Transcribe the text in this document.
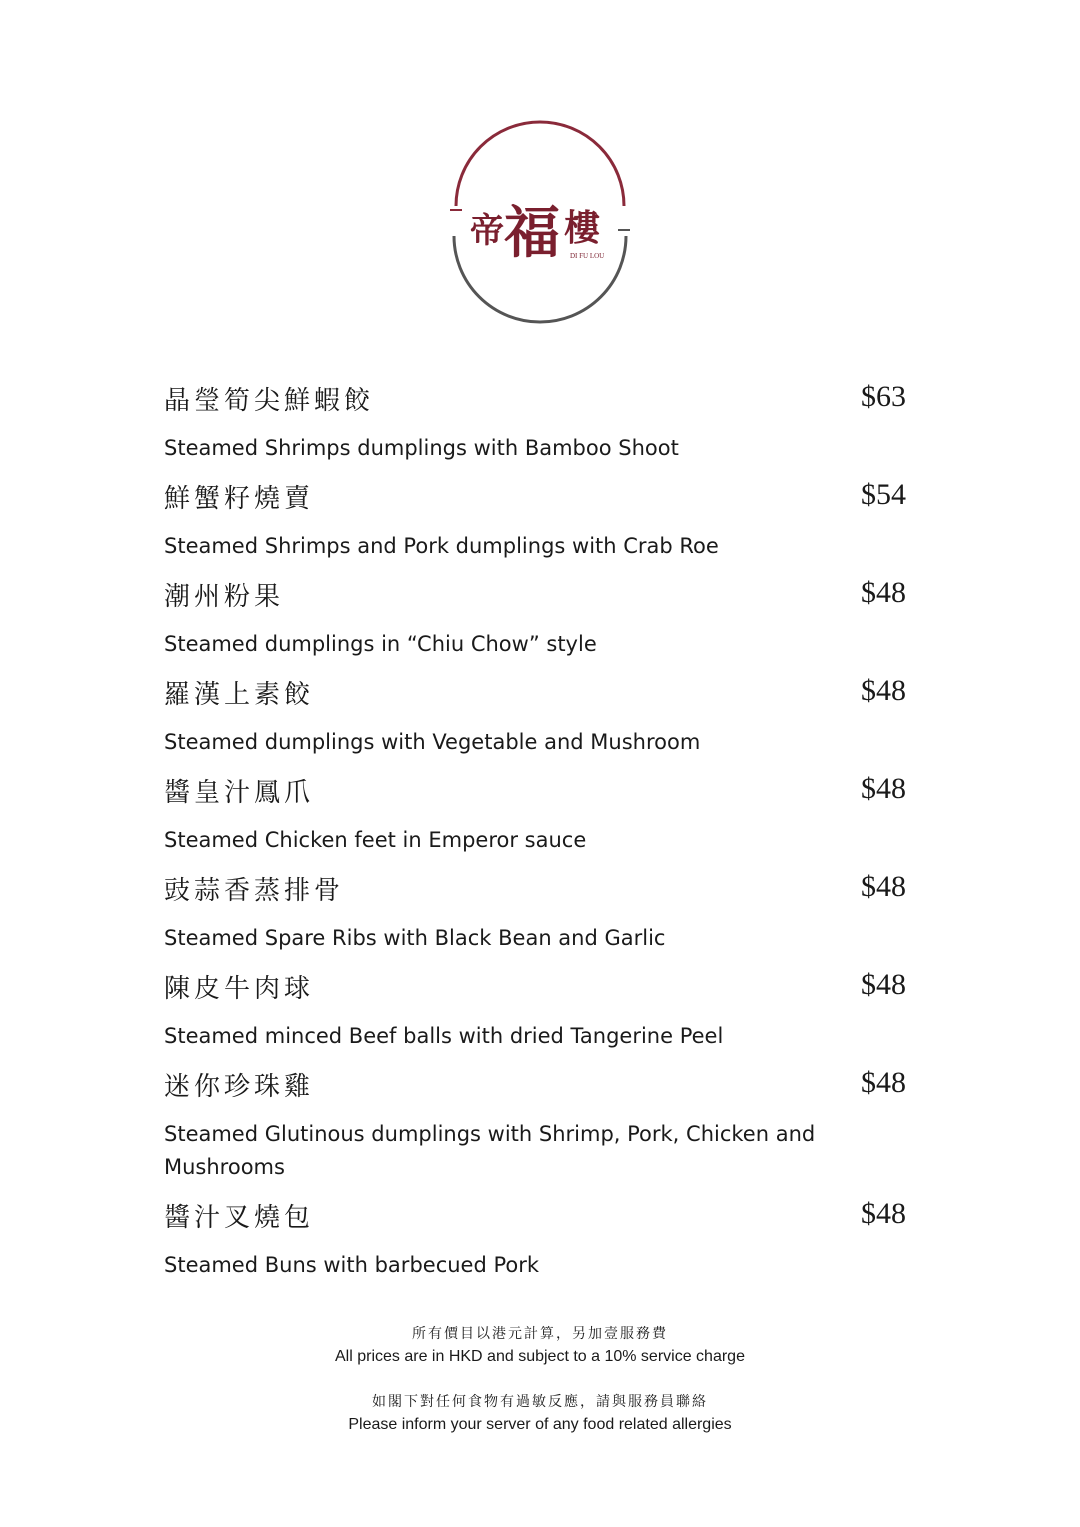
帝 福 樓
DI FU LOU
晶瑩筍尖鮮蝦餃	$63
Steamed Shrimps dumplings with Bamboo Shoot
鮮蟹籽燒賣	$54
Steamed Shrimps and Pork dumplings with Crab Roe
潮州粉果	$48
Steamed dumplings in “Chiu Chow” style
羅漢上素餃	$48
Steamed dumplings with Vegetable and Mushroom
醬皇汁鳳爪	$48
Steamed Chicken feet in Emperor sauce
豉蒜香蒸排骨	$48
Steamed Spare Ribs with Black Bean and Garlic
陳皮牛肉球	$48
Steamed minced Beef balls with dried Tangerine Peel
迷你珍珠雞	$48
Steamed Glutinous dumplings with Shrimp, Pork, Chicken and Mushrooms
醬汁叉燒包	$48
Steamed Buns with barbecued Pork
所有價目以港元計算，另加壹服務費
All prices are in HKD and subject to a 10% service charge
如閣下對任何食物有過敏反應，請與服務員聯絡
Please inform your server of any food related allergies
